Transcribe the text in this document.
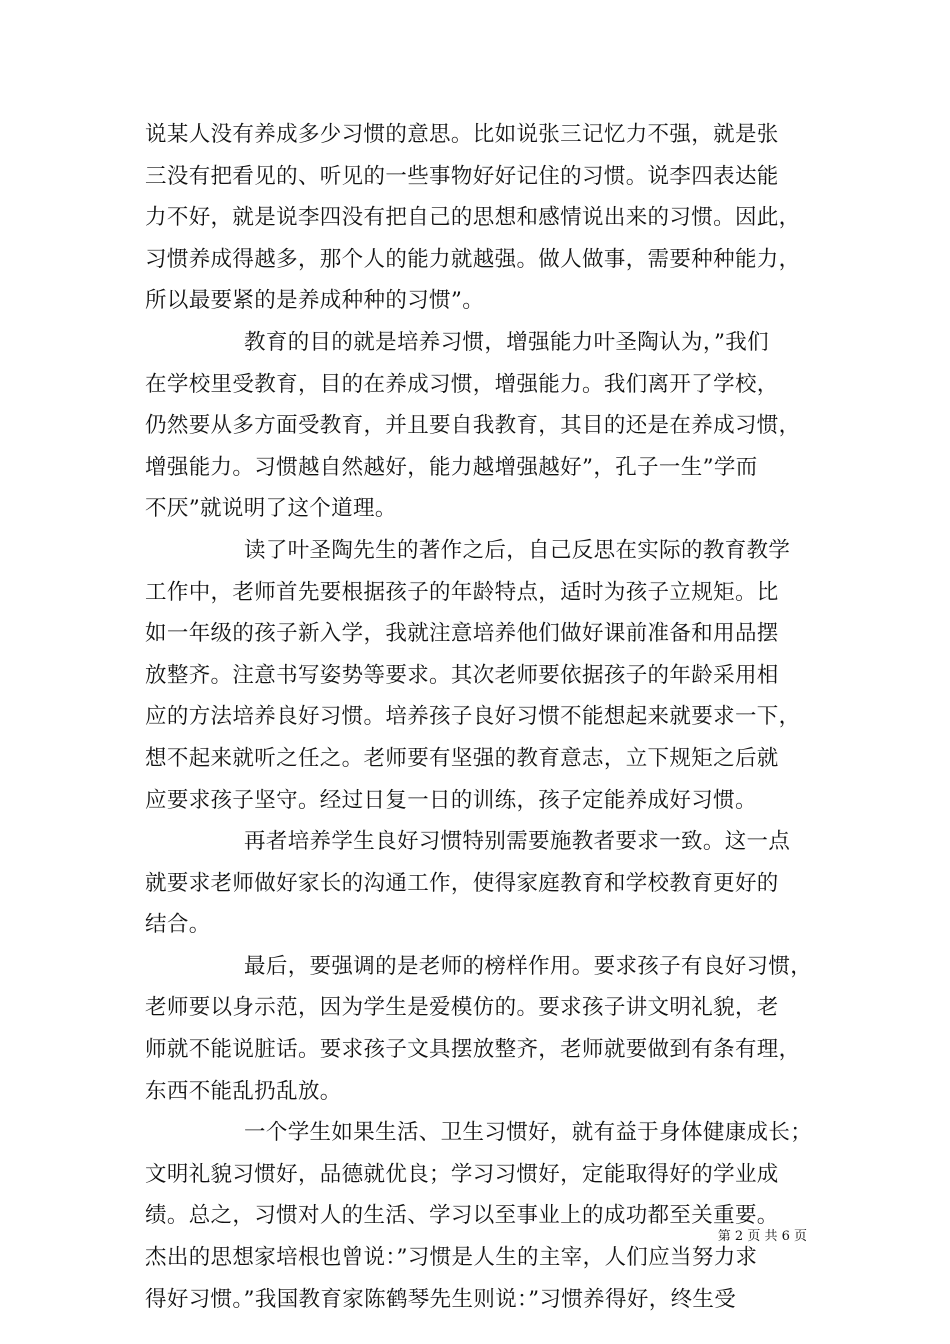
说某人没有养成多少习惯的意思。比如说张三记忆力不强，就是张
三没有把看见的、听见的一些事物好好记住的习惯。说李四表达能
力不好，就是说李四没有把自己的思想和感情说出来的习惯。因此，
习惯养成得越多，那个人的能力就越强。做人做事，需要种种能力，
所以最要紧的是养成种种的习惯”。
教育的目的就是培养习惯，增强能力叶圣陶认为，”我们
在学校里受教育，目的在养成习惯，增强能力。我们离开了学校，
仍然要从多方面受教育，并且要自我教育，其目的还是在养成习惯，
增强能力。习惯越自然越好，能力越增强越好”，孔子一生”学而
不厌”就说明了这个道理。
读了叶圣陶先生的著作之后，自己反思在实际的教育教学
工作中，老师首先要根据孩子的年龄特点，适时为孩子立规矩。比
如一年级的孩子新入学，我就注意培养他们做好课前准备和用品摆
放整齐。注意书写姿势等要求。其次老师要依据孩子的年龄采用相
应的方法培养良好习惯。培养孩子良好习惯不能想起来就要求一下，
想不起来就听之任之。老师要有坚强的教育意志，立下规矩之后就
应要求孩子坚守。经过日复一日的训练，孩子定能养成好习惯。
再者培养学生良好习惯特别需要施教者要求一致。这一点
就要求老师做好家长的沟通工作，使得家庭教育和学校教育更好的
结合。
最后，要强调的是老师的榜样作用。要求孩子有良好习惯，
老师要以身示范，因为学生是爱模仿的。要求孩子讲文明礼貌，老
师就不能说脏话。要求孩子文具摆放整齐，老师就要做到有条有理，
东西不能乱扔乱放。
一个学生如果生活、卫生习惯好，就有益于身体健康成长；
文明礼貌习惯好，品德就优良；学习习惯好，定能取得好的学业成
绩。总之，习惯对人的生活、学习以至事业上的成功都至关重要。
杰出的思想家培根也曾说：”习惯是人生的主宰，人们应当努力求
得好习惯。”我国教育家陈鹤琴先生则说：”习惯养得好，终生受
第 2 页 共 6 页
